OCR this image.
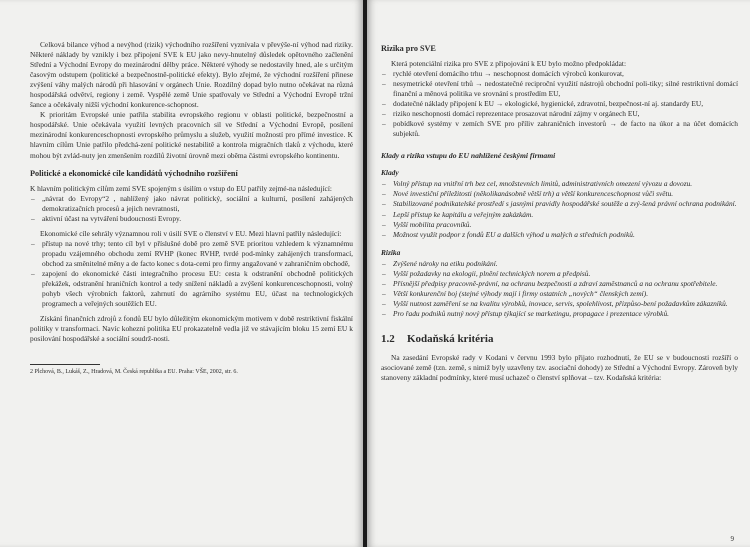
Celková bilance výhod a nevýhod (rizik) východního rozšíření vyznívala v převýše-ní výhod nad riziky. Některé náklady by vznikly i bez připojení SVE k EU jako nevy-hnutelný důsledek opětovného začlenění Střední a Východní Evropy do mezinárodní dělby práce. Některé výhody se nedostavily hned, ale s určitým časovým odstupem (politické a bezpečnostně-politické efekty). Bylo zřejmé, že východní rozšíření přinese zvýšení váhy malých národů při hlasování v orgánech Unie. Rozdílný dopad bylo nutno očekávat na různá hospodářská odvětví, regiony i země. Vyspělé země Unie spatřovaly ve Střední a Východní Evropě tržní šance a očekávaly nižší východní konkurence-schopnost.

K prioritám Evropské unie patřila stabilita evropského regionu v oblasti politické, bezpečnostní a hospodářské. Unie očekávala využití levných pracovních sil ve Střední a Východní Evropě, posílení mezinárodní konkurenceschopnosti evropského průmyslu a služeb, využití možností pro přímé investice. K hlavním cílům Unie patřilo předchá-zení politické nestabilitě a kontrola migračních tlaků z východu, které mohou být zvlád-nuty jen zmenšením rozdílů životní úrovně mezi oběma částmi evropského kontinentu.

Politické a ekonomické cíle kandidátů východního rozšíření

K hlavním politickým cílům zemí SVE spojeným s úsilím o vstup do EU patřily zejmé-na následující:

– „návrat do Evropy“2 , nahlížený jako návrat politický, sociální a kulturní, posílení zahájených demokratizačních procesů a jejich nevratnosti,
– aktivní účast na vytváření budoucnosti Evropy.

Ekonomické cíle sehrály významnou roli v úsilí SVE o členství v EU. Mezi hlavní patřily následující:

– přístup na nové trhy; tento cíl byl v příslušné době pro země SVE prioritou vzhledem k významnému propadu vzájemného obchodu zemí RVHP (konec RVHP, tvrdé pod-mínky zahájených transformací, obchod za směnitelné měny a de facto konec s dota-cemi pro firmy angažované v zahraničním obchodě,
– zapojení do ekonomické části integračního procesu EU: cesta k odstranění obchodně politických překážek, odstranění hraničních kontrol a tedy snížení nákladů a zvýšení konkurenceschopnosti, volný pohyb všech výrobních faktorů, zahrnutí do agrárního systému EU, účast na technologických programech a veřejných soutěžích EU.

Získání finančních zdrojů z fondů EU bylo důležitým ekonomickým motivem v době restriktivní fiskální politiky v transformaci. Navíc kohezní politika EU prokazatelně vedla již ve stávajícím bloku 15 zemí EU k posilování hospodářské a sociální soudrž-nosti.

2 Plchová, B., Lukáš, Z., Hradová, M. Česká republika a EU. Praha: VŠE, 2002, str. 6.
Rizika pro SVE

Která potenciální rizika pro SVE z připojování k EU bylo možno předpokládat:

– rychlé otevření domácího trhu → neschopnost domácích výrobců konkurovat,
– nesymetrické otevření trhů → nedostatečné reciproční využití nástrojů obchodní poli-tiky; silné restriktivní domácí finanční a měnová politika ve srovnání s prostředím EU,
– dodatečné náklady připojení k EU → ekologické, hygienické, zdravotní, bezpečnost-ní aj. standardy EU,
– riziko neschopnosti domácí reprezentace prosazovat národní zájmy v orgánech EU,
– pobídkové systémy v zemích SVE pro příliv zahraničních investorů → de facto na úkor a na účet domácích subjektů.
Klady a rizika vstupu do EU nahlížené českými firmami
Klady
– Volný přístup na vnitřní trh bez cel, množstevních limitů, administrativních omezení vývozu a dovozu.
– Nové investiční příležitosti (několikanásobně větší trh) a větší konkurenceschopnost vůči světu.
– Stabilizované podnikatelské prostředí s jasnými pravidly hospodářské soutěže a zvý-šená právní ochrana podnikání.
– Lepší přístup ke kapitálu a veřejným zakázkám.
– Vyšší mobilita pracovníků.
– Možnost využít podpor z fondů EU a dalších výhod u malých a středních podniků.
Rizika
– Zvýšené nároky na etiku podnikání.
– Vyšší požadavky na ekologii, plnění technických norem a předpisů.
– Přísnější předpisy pracovně-právní, na ochranu bezpečnosti a zdraví zaměstnanců a na ochranu spotřebitele.
– Větší konkurenční boj (stejné výhody mají i firmy ostatních „nových“ členských zemí).
– Vyšší nutnost zaměření se na kvalitu výrobků, inovace, servis, spolehlivost, přizpůso-bení požadavkům zákazníků.
– Pro řadu podniků nutný nový přístup týkající se marketingu, propagace i prezentace výrobků.
1.2	Kodaňská kritéria

Na zasedání Evropské rady v Kodani v červnu 1993 bylo přijato rozhodnutí, že EU se v budoucnosti rozšíří o asociované země (tzn. země, s nimiž byly uzavřeny tzv. asociační dohody) ze Střední a Východní Evropy. Zároveň byly stanoveny základní podmínky, které musí uchazeč o členství splňovat – tzv. Kodaňská kritéria:

9
